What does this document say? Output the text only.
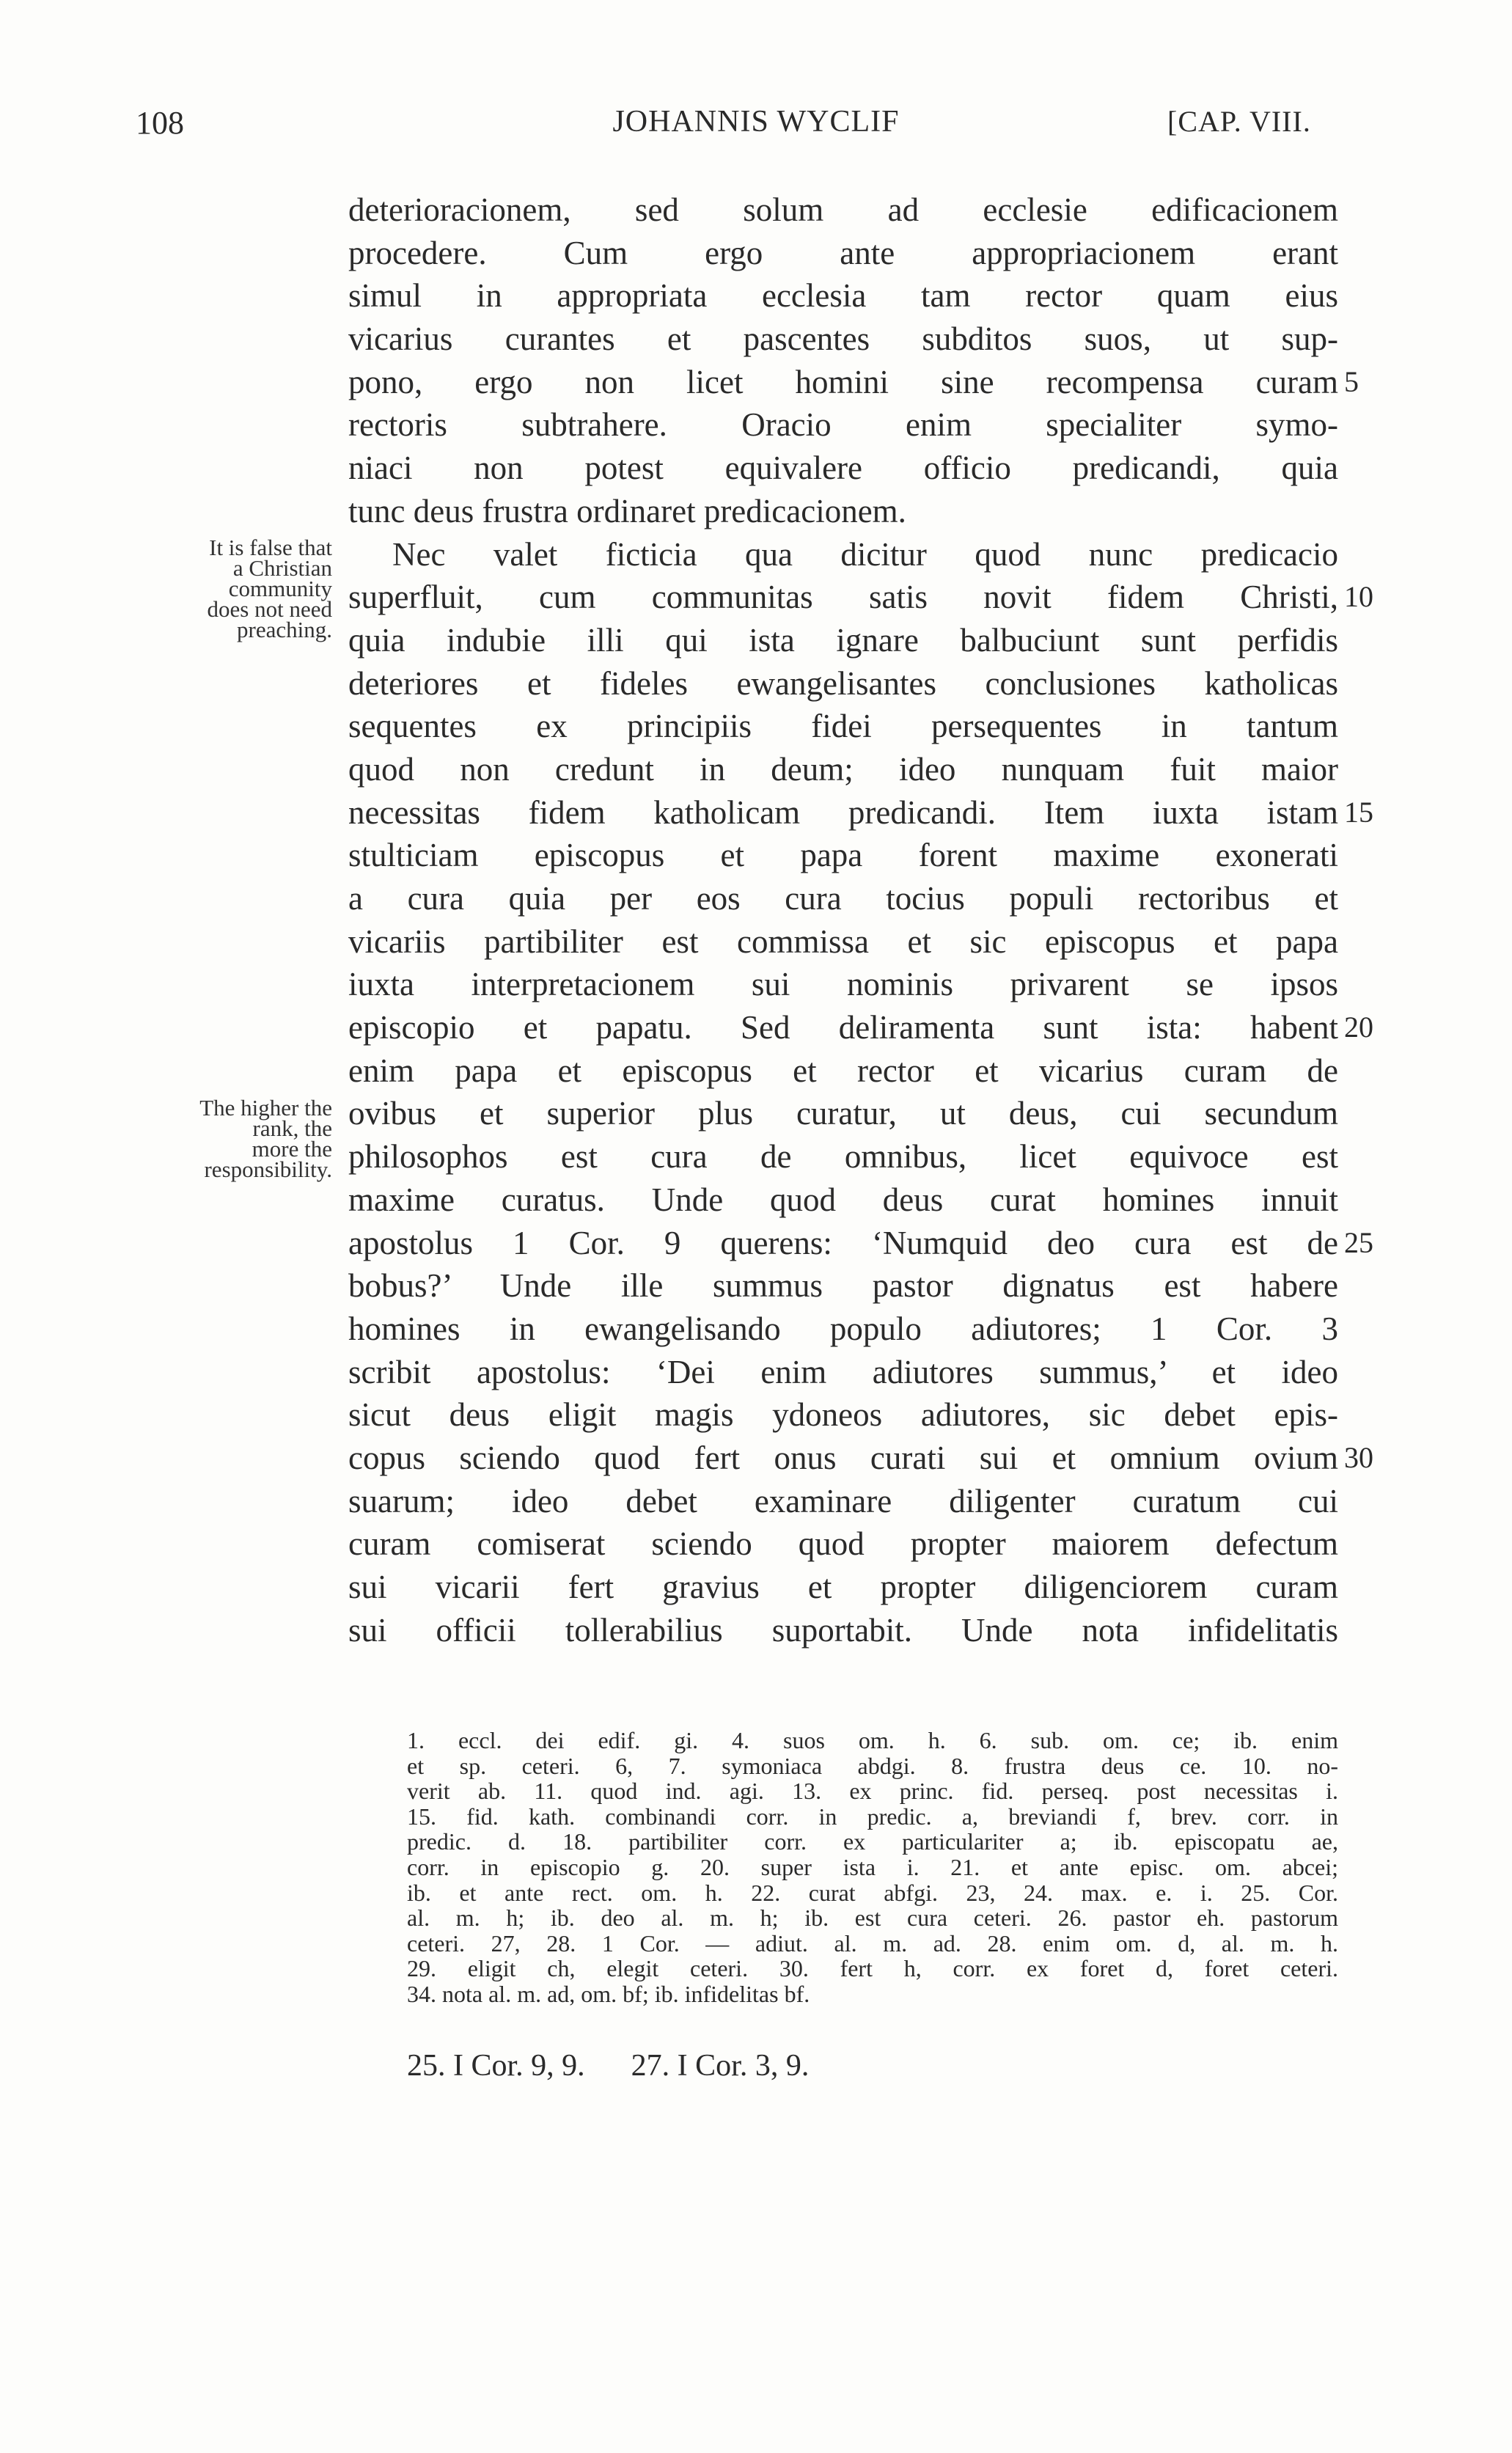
108	JOHANNIS WYCLIF	[CAP. VIII.
It is false that
a Christian
community
does not need
preaching.
The higher the
rank, the
more the
responsibility.
deterioracionem, sed solum ad ecclesie edificacionem
procedere. Cum ergo ante appropriacionem erant
simul in appropriata ecclesia tam rector quam eius
vicarius curantes et pascentes subditos suos, ut sup-
pono, ergo non licet homini sine recompensa curam 5
rectoris subtrahere. Oracio enim specialiter symo-
niaci non potest equivalere officio predicandi, quia
tunc deus frustra ordinaret predicacionem.
Nec valet ficticia qua dicitur quod nunc predicacio
superfluit, cum communitas satis novit fidem Christi, 10
quia indubie illi qui ista ignare balbuciunt sunt perfidis
deteriores et fideles ewangelisantes conclusiones katholicas
sequentes ex principiis fidei persequentes in tantum
quod non credunt in deum; ideo nunquam fuit maior
necessitas fidem katholicam predicandi. Item iuxta istam 15
stulticiam episcopus et papa forent maxime exonerati
a cura quia per eos cura tocius populi rectoribus et
vicariis partibiliter est commissa et sic episcopus et papa
iuxta interpretacionem sui nominis privarent se ipsos
episcopio et papatu. Sed deliramenta sunt ista: habent 20
enim papa et episcopus et rector et vicarius curam de
ovibus et superior plus curatur, ut deus, cui secundum
philosophos est cura de omnibus, licet equivoce est
maxime curatus. Unde quod deus curat homines innuit
apostolus 1 Cor. 9 querens: ‘Numquid deo cura est de 25
bobus?’ Unde ille summus pastor dignatus est habere
homines in ewangelisando populo adiutores; 1 Cor. 3
scribit apostolus: ‘Dei enim adiutores summus,’ et ideo
sicut deus eligit magis ydoneos adiutores, sic debet epis-
copus sciendo quod fert onus curati sui et omnium ovium 30
suarum; ideo debet examinare diligenter curatum cui
curam comiserat sciendo quod propter maiorem defectum
sui vicarii fert gravius et propter diligenciorem curam
sui officii tollerabilius suportabit. Unde nota infidelitatis
1. eccl. dei edif. gi. 4. suos om. h. 6. sub. om. ce; ib. enim
et sp. ceteri. 6, 7. symoniaca abdgi. 8. frustra deus ce. 10. no-
verit ab. 11. quod ind. agi. 13. ex princ. fid. perseq. post necessitas i.
15. fid. kath. combinandi corr. in predic. a, breviandi f, brev. corr. in
predic. d. 18. partibiliter corr. ex particulariter a; ib. episcopatu ae,
corr. in episcopio g. 20. super ista i. 21. et ante episc. om. abcei;
ib. et ante rect. om. h. 22. curat abfgi. 23, 24. max. e. i. 25. Cor.
al. m. h; ib. deo al. m. h; ib. est cura ceteri. 26. pastor eh. pastorum
ceteri. 27, 28. 1 Cor. — adiut. al. m. ad. 28. enim om. d, al. m. h.
29. eligit ch, elegit ceteri. 30. fert h, corr. ex foret d, foret ceteri.
34. nota al. m. ad, om. bf; ib. infidelitas bf.
25. I Cor. 9, 9.      27. I Cor. 3, 9.
